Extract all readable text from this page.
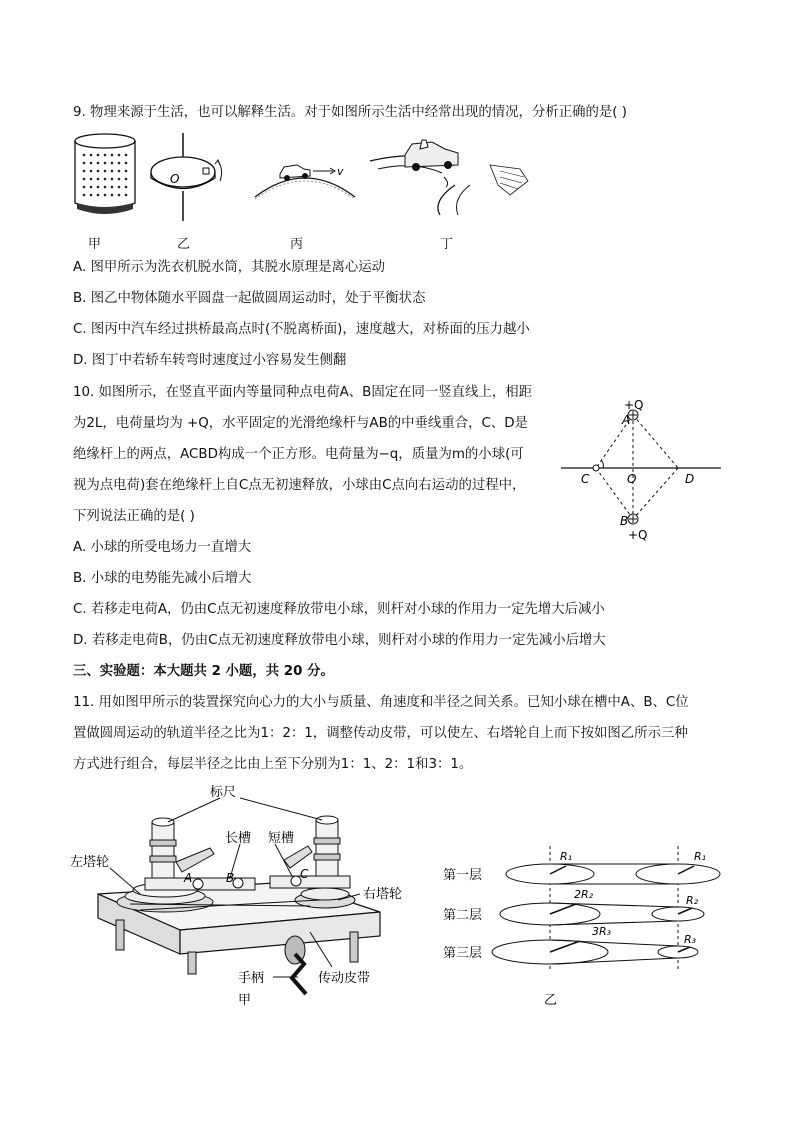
9. 物理来源于生活，也可以解释生活。对于如图所示生活中经常出现的情况，分析正确的是( )
O
v
甲	乙	丙	丁
A. 图甲所示为洗衣机脱水筒，其脱水原理是离心运动
B. 图乙中物体随水平圆盘一起做圆周运动时，处于平衡状态
C. 图丙中汽车经过拱桥最高点时(不脱离桥面)，速度越大，对桥面的压力越小
D. 图丁中若轿车转弯时速度过小容易发生侧翻
10. 如图所示，在竖直平面内等量同种点电荷A、B固定在同一竖直线上，相距
为2L，电荷量均为 +Q，水平固定的光滑绝缘杆与AB的中垂线重合，C、D是
绝缘杆上的两点，ACBD构成一个正方形。电荷量为−q，质量为m的小球(可
视为点电荷)套在绝缘杆上自C点无初速释放，小球由C点向右运动的过程中，
下列说法正确的是( )
+Q
A
C	O	D
B
+Q
A. 小球的所受电场力一直增大
B. 小球的电势能先减小后增大
C. 若移走电荷A，仍由C点无初速度释放带电小球，则杆对小球的作用力一定先增大后减小
D. 若移走电荷B，仍由C点无初速度释放带电小球，则杆对小球的作用力一定先减小后增大
三、实验题：本大题共 2 小题，共 20 分。
11. 用如图甲所示的装置探究向心力的大小与质量、角速度和半径之间关系。已知小球在槽中A、B、C位
置做圆周运动的轨道半径之比为1：2：1，调整传动皮带，可以使左、右塔轮自上而下按如图乙所示三种
方式进行组合，每层半径之比由上至下分别为1：1、2：1和3：1。
标尺
长槽 短槽
左塔轮
右塔轮
手柄	传动皮带
A	B	C
甲
第一层
第二层
第三层
R₁	R₁
2R₂	R₂
3R₃
R₃
乙
